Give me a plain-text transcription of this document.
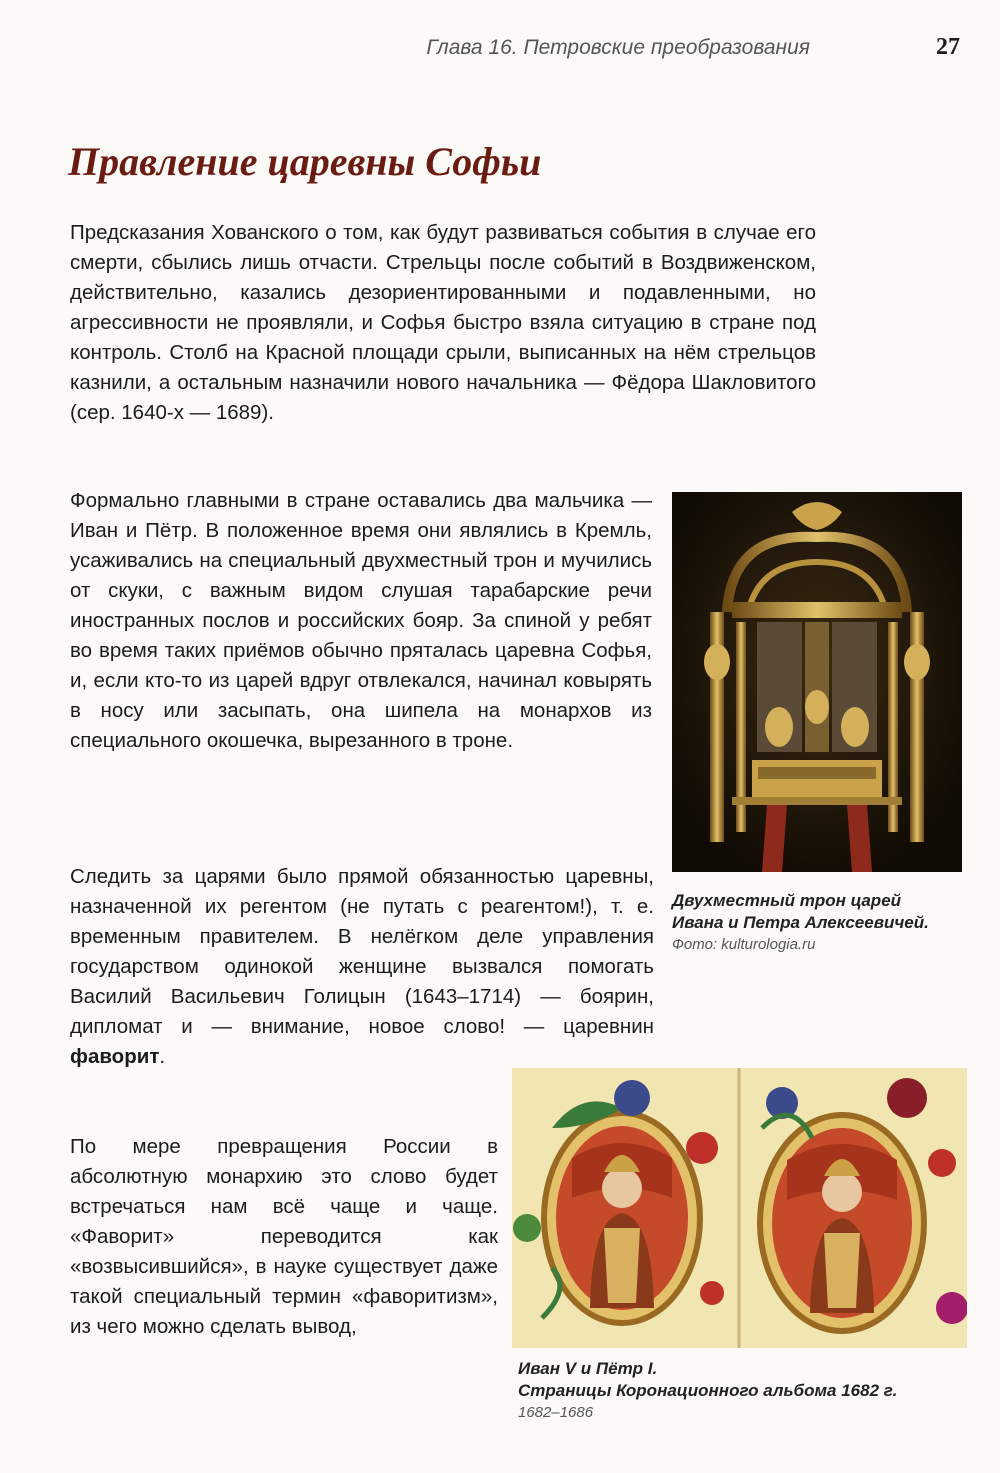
Глава 16. Петровские преобразования	27
Правление царевны Софьи

Предсказания Хованского о том, как будут развиваться события в случае его смерти, сбылись лишь отчасти. Стрельцы после событий в Воздвиженском, действительно, казались дезориентированными и подавленными, но агрессивности не проявляли, и Софья быстро взяла ситуацию в стране под контроль. Столб на Красной площади срыли, выписанных на нём стрельцов казнили, а остальным назначили нового начальника — Фёдора Шакловитого (сер. 1640-х — 1689).

Формально главными в стране оставались два мальчика — Иван и Пётр. В положенное время они являлись в Кремль, усаживались на специальный двухместный трон и мучились от скуки, с важным видом слушая тарабарские речи иностранных послов и российских бояр. За спиной у ребят во время таких приёмов обычно пряталась царевна Софья, и, если кто-то из царей вдруг отвлекался, начинал ковырять в носу или засыпать, она шипела на монархов из специального окошечка, вырезанного в троне.

Следить за царями было прямой обязанностью царевны, назначенной их регентом (не путать с реагентом!), т. е. временным правителем. В нелёгком деле управления государством одинокой женщине вызвался помогать Василий Васильевич Голицын (1643–1714) — боярин, дипломат и — внимание, новое слово! — царевнин фаворит.

По мере превращения России в абсолютную монархию это слово будет встречаться нам всё чаще и чаще. «Фаворит» переводится как «возвысившийся», в науке существует даже такой специальный термин «фаворитизм», из чего можно сделать вывод,

Двухместный трон царей
Ивана и Петра Алексеевичей.
Фото: kulturologia.ru
Иван V и Пётр I.
Страницы Коронационного альбома 1682 г.
1682–1686
